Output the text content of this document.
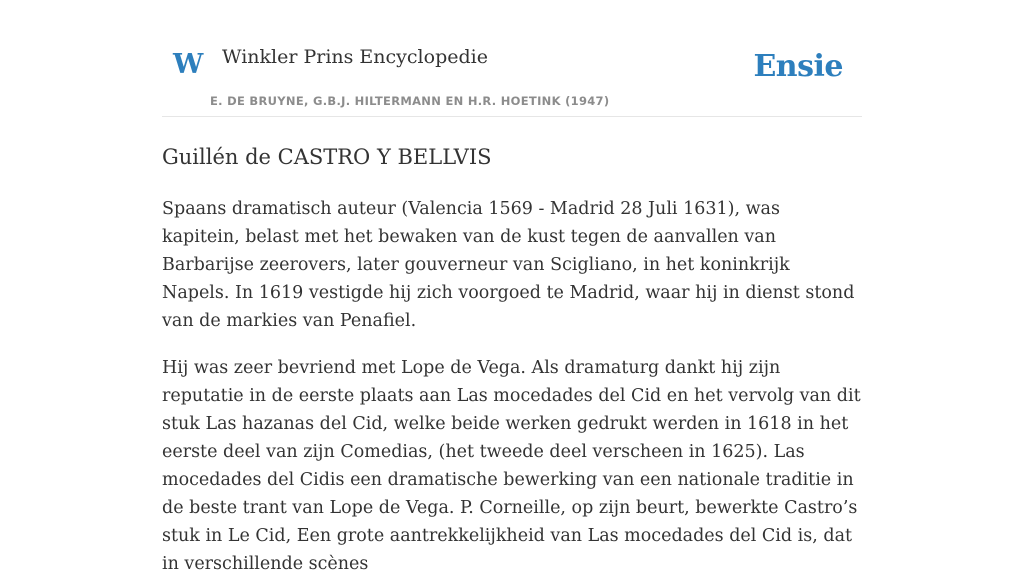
W Winkler Prins Encyclopedie
E. DE BRUYNE, G.B.J. HILTERMANN EN H.R. HOETINK (1947)
Ensie
Guillén de CASTRO Y BELLVIS

Spaans dramatisch auteur (Valencia 1569 - Madrid 28 Juli 1631), was kapitein, belast met het bewaken van de kust tegen de aanvallen van Barbarijse zeerovers, later gouverneur van Scigliano, in het koninkrijk Napels. In 1619 vestigde hij zich voorgoed te Madrid, waar hij in dienst stond van de markies van Penafiel.

Hij was zeer bevriend met Lope de Vega. Als dramaturg dankt hij zijn reputatie in de eerste plaats aan Las mocedades del Cid en het vervolg van dit stuk Las hazanas del Cid, welke beide werken gedrukt werden in 1618 in het eerste deel van zijn Comedias, (het tweede deel verscheen in 1625). Las mocedades del Cidis een dramatische bewerking van een nationale traditie in de beste trant van Lope de Vega. P. Corneille, op zijn beurt, bewerkte Castro’s stuk in Le Cid, Een grote aantrekkelijkheid van Las mocedades del Cid is, dat in verschillende scènes
